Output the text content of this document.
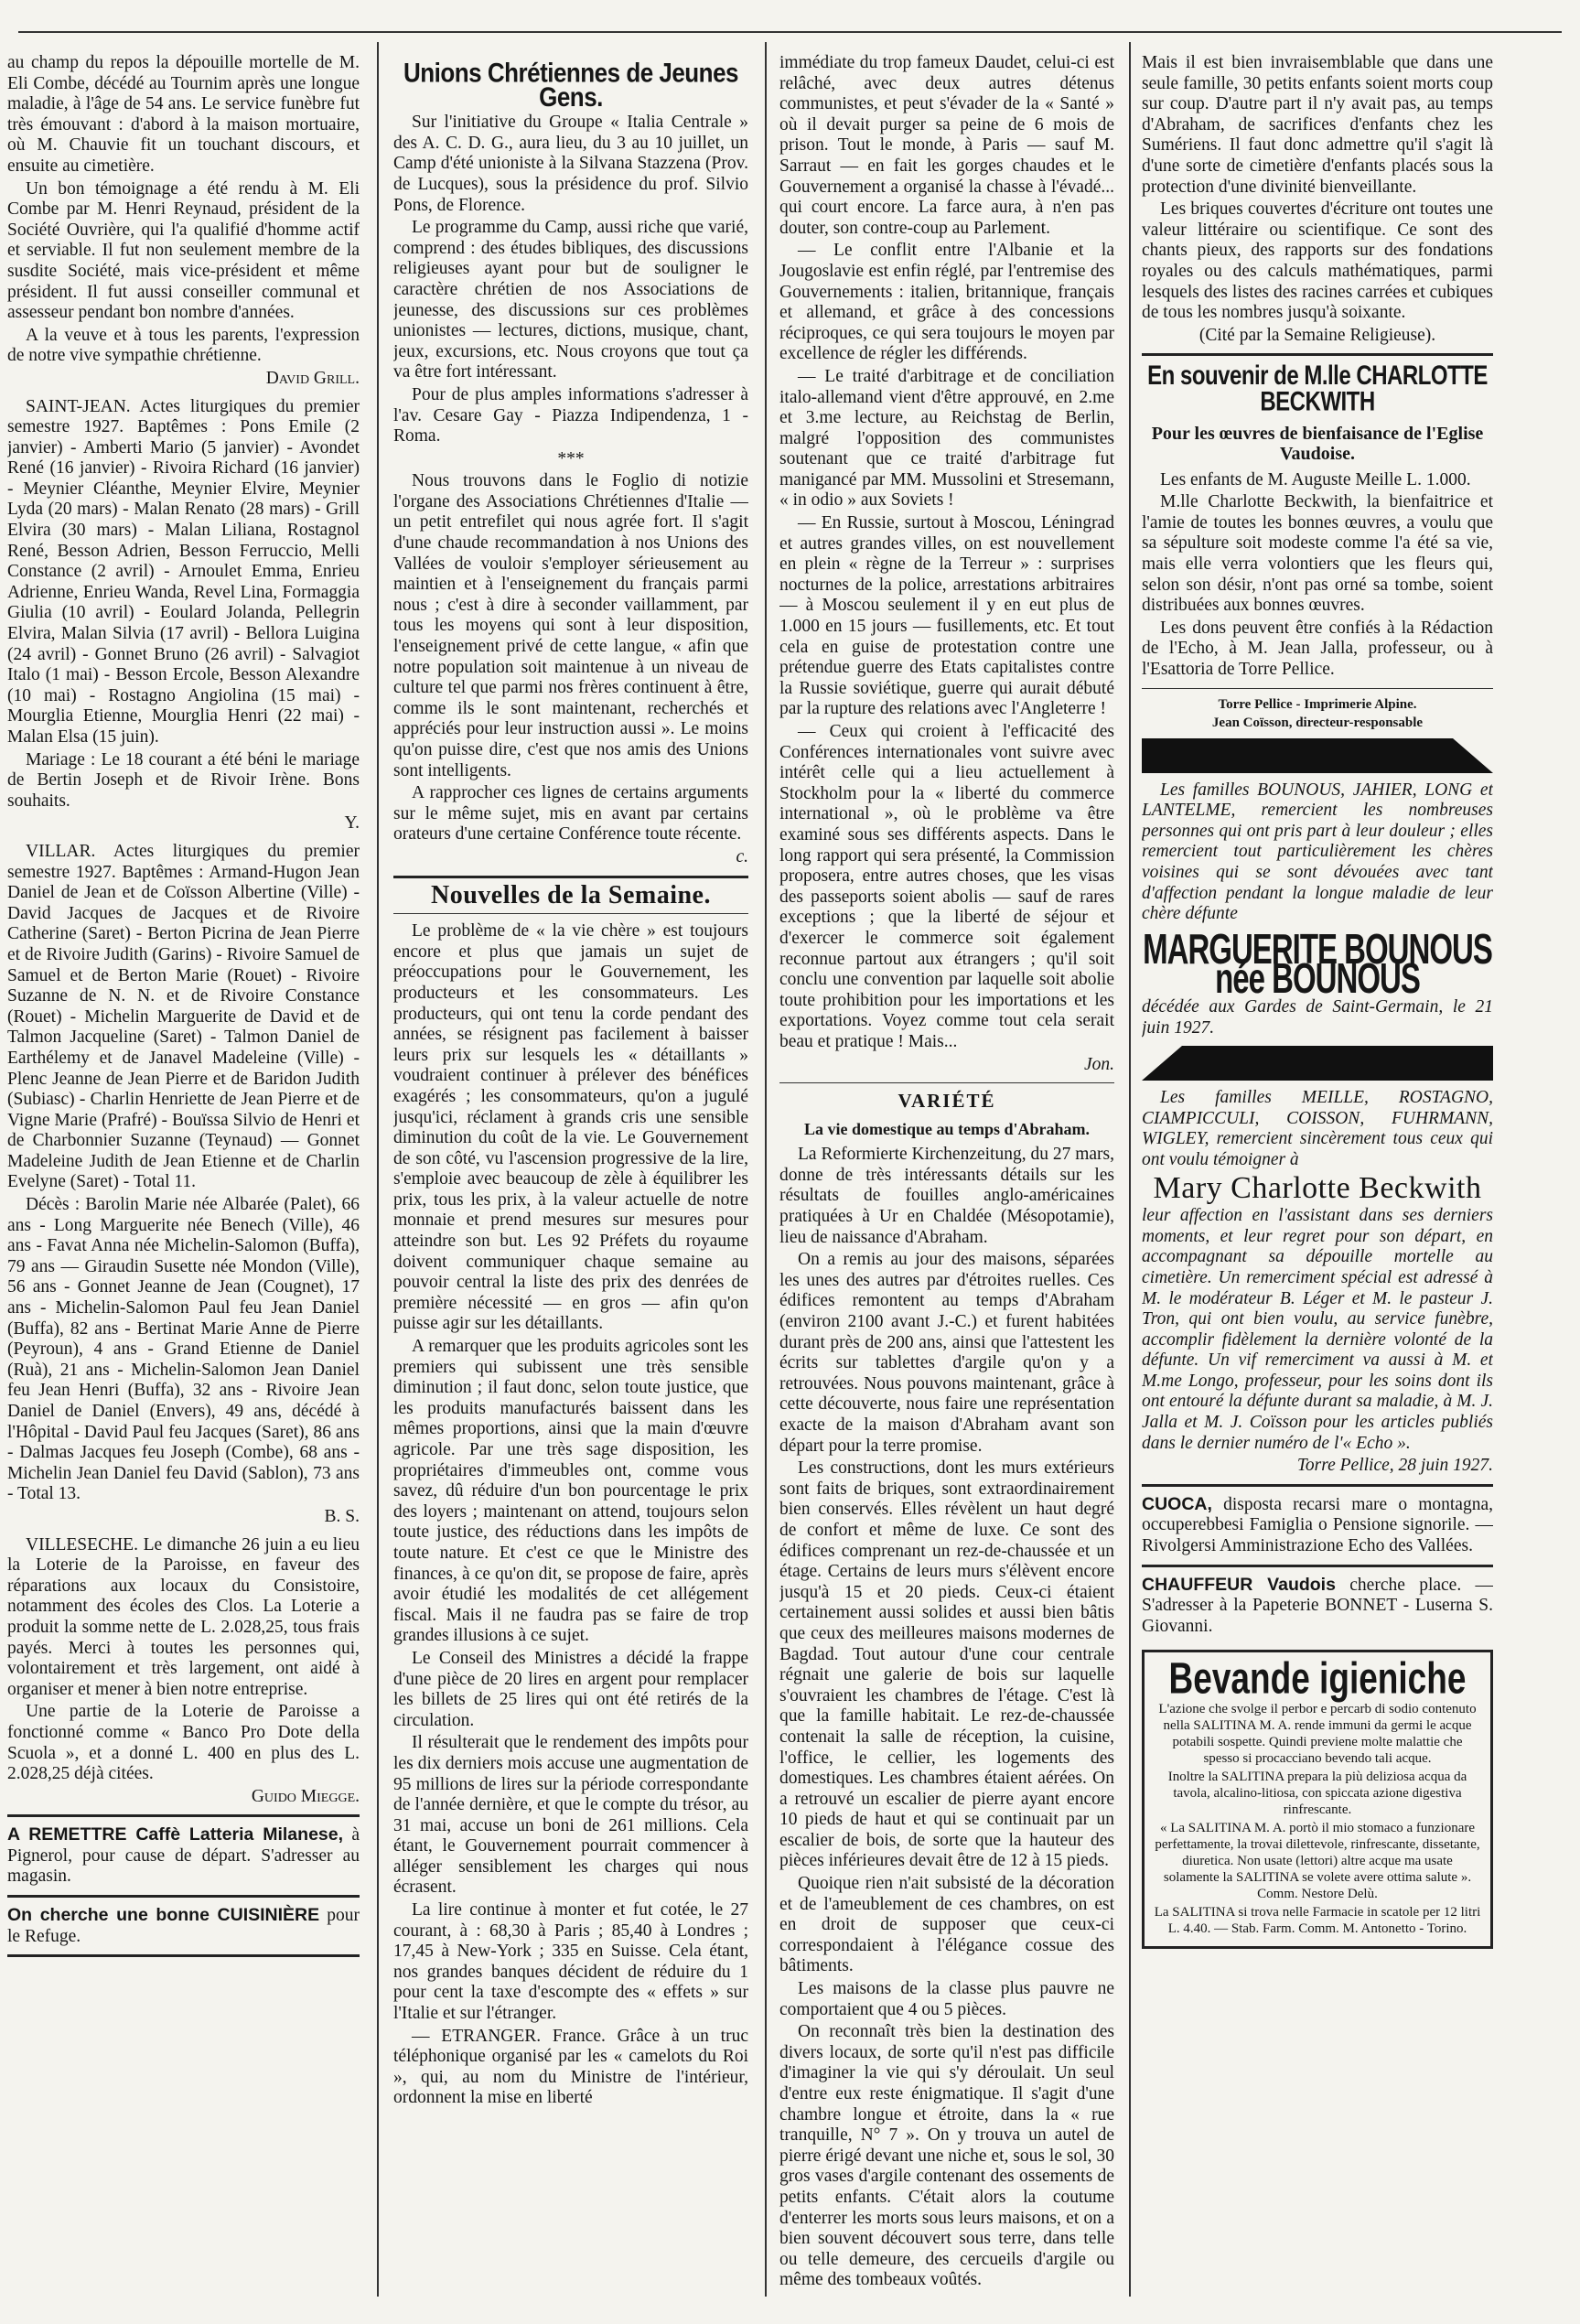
au champ du repos la dépouille mortelle de M. Eli Combe, décédé au Tournim après une longue maladie, à l'âge de 54 ans. Le service funèbre fut très émouvant : d'abord à la maison mortuaire, où M. Chauvie fit un touchant discours, et ensuite au cimetière.

Un bon témoignage a été rendu à M. Eli Combe par M. Henri Reynaud, président de la Société Ouvrière, qui l'a qualifié d'homme actif et serviable. Il fut non seulement membre de la susdite Société, mais vice-président et même président. Il fut aussi conseiller communal et assesseur pendant bon nombre d'années.

A la veuve et à tous les parents, l'expression de notre vive sympathie chrétienne.

David Grill.

SAINT-JEAN. Actes liturgiques du premier semestre 1927. Baptêmes : Pons Emile (2 janvier) - Amberti Mario (5 janvier) - Avondet René (16 janvier) - Rivoira Richard (16 janvier) - Meynier Cléanthe, Meynier Elvire, Meynier Lyda (20 mars) - Malan Renato (28 mars) - Grill Elvira (30 mars) - Malan Liliana, Rostagnol René, Besson Adrien, Besson Ferruccio, Melli Constance (2 avril) - Arnoulet Emma, Enrieu Adrienne, Enrieu Wanda, Revel Lina, Formaggia Giulia (10 avril) - Eoulard Jolanda, Pellegrin Elvira, Malan Silvia (17 avril) - Bellora Luigina (24 avril) - Gonnet Bruno (26 avril) - Salvagiot Italo (1 mai) - Besson Ercole, Besson Alexandre (10 mai) - Rostagno Angiolina (15 mai) - Mourglia Etienne, Mourglia Henri (22 mai) - Malan Elsa (15 juin).

Mariage : Le 18 courant a été béni le mariage de Bertin Joseph et de Rivoir Irène. Bons souhaits.

Y.

VILLAR. Actes liturgiques du premier semestre 1927. Baptêmes : Armand-Hugon Jean Daniel de Jean et de Coïsson Albertine (Ville) - David Jacques de Jacques et de Rivoire Catherine (Saret) - Berton Picrina de Jean Pierre et de Rivoire Judith (Garins) - Rivoire Samuel de Samuel et de Berton Marie (Rouet) - Rivoire Suzanne de N. N. et de Rivoire Constance (Rouet) - Michelin Marguerite de David et de Talmon Jacqueline (Saret) - Talmon Daniel de Earthélemy et de Janavel Madeleine (Ville) - Plenc Jeanne de Jean Pierre et de Baridon Judith (Subiasc) - Charlin Henriette de Jean Pierre et de Vigne Marie (Prafré) - Bouïssa Silvio de Henri et de Charbonnier Suzanne (Teynaud) — Gonnet Madeleine Judith de Jean Etienne et de Charlin Evelyne (Saret) - Total 11.

Décès : Barolin Marie née Albarée (Palet), 66 ans - Long Marguerite née Benech (Ville), 46 ans - Favat Anna née Michelin-Salomon (Buffa), 79 ans — Giraudin Susette née Mondon (Ville), 56 ans - Gonnet Jeanne de Jean (Cougnet), 17 ans - Michelin-Salomon Paul feu Jean Daniel (Buffa), 82 ans - Bertinat Marie Anne de Pierre (Peyroun), 4 ans - Grand Etienne de Daniel (Ruà), 21 ans - Michelin-Salomon Jean Daniel feu Jean Henri (Buffa), 32 ans - Rivoire Jean Daniel de Daniel (Envers), 49 ans, décédé à l'Hôpital - David Paul feu Jacques (Saret), 86 ans - Dalmas Jacques feu Joseph (Combe), 68 ans - Michelin Jean Daniel feu David (Sablon), 73 ans - Total 13.

B. S.

VILLESECHE. Le dimanche 26 juin a eu lieu la Loterie de la Paroisse, en faveur des réparations aux locaux du Consistoire, notamment des écoles des Clos. La Loterie a produit la somme nette de L. 2.028,25, tous frais payés. Merci à toutes les personnes qui, volontairement et très largement, ont aidé à organiser et mener à bien notre entreprise.

Une partie de la Loterie de Paroisse a fonctionné comme « Banco Pro Dote della Scuola », et a donné L. 400 en plus des L. 2.028,25 déjà citées.

Guido Miegge.

A REMETTRE Caffè Latteria Milanese, à Pignerol, pour cause de départ. S'adresser au magasin.

On cherche une bonne CUISINIÈRE pour le Refuge.

Unions Chrétiennes de Jeunes Gens.

Sur l'initiative du Groupe « Italia Centrale » des A. C. D. G., aura lieu, du 3 au 10 juillet, un Camp d'été unioniste à la Silvana Stazzena (Prov. de Lucques), sous la présidence du prof. Silvio Pons, de Florence.

Le programme du Camp, aussi riche que varié, comprend : des études bibliques, des discussions religieuses ayant pour but de souligner le caractère chrétien de nos Associations de jeunesse, des discussions sur ces problèmes unionistes — lectures, dictions, musique, chant, jeux, excursions, etc. Nous croyons que tout ça va être fort intéressant.

Pour de plus amples informations s'adresser à l'av. Cesare Gay - Piazza Indipendenza, 1 - Roma.

***

Nous trouvons dans le Foglio di notizie l'organe des Associations Chrétiennes d'Italie — un petit entrefilet qui nous agrée fort. Il s'agit d'une chaude recommandation à nos Unions des Vallées de vouloir s'employer sérieusement au maintien et à l'enseignement du français parmi nous ; c'est à dire à seconder vaillamment, par tous les moyens qui sont à leur disposition, l'enseignement privé de cette langue, « afin que notre population soit maintenue à un niveau de culture tel que parmi nos frères continuent à être, comme ils le sont maintenant, recherchés et appréciés pour leur instruction aussi ». Le moins qu'on puisse dire, c'est que nos amis des Unions sont intelligents.

A rapprocher ces lignes de certains arguments sur le même sujet, mis en avant par certains orateurs d'une certaine Conférence toute récente.

c.

Nouvelles de la Semaine.

Le problème de « la vie chère » est toujours encore et plus que jamais un sujet de préoccupations pour le Gouvernement, les producteurs et les consommateurs. Les producteurs, qui ont tenu la corde pendant des années, se résignent pas facilement à baisser leurs prix sur lesquels les « détaillants » voudraient continuer à prélever des bénéfices exagérés ; les consommateurs, qu'on a jugulé jusqu'ici, réclament à grands cris une sensible diminution du coût de la vie. Le Gouvernement de son côté, vu l'ascension progressive de la lire, s'emploie avec beaucoup de zèle à équilibrer les prix, tous les prix, à la valeur actuelle de notre monnaie et prend mesures sur mesures pour atteindre son but. Les 92 Préfets du royaume doivent communiquer chaque semaine au pouvoir central la liste des prix des denrées de première nécessité — en gros — afin qu'on puisse agir sur les détaillants.

A remarquer que les produits agricoles sont les premiers qui subissent une très sensible diminution ; il faut donc, selon toute justice, que les produits manufacturés baissent dans les mêmes proportions, ainsi que la main d'œuvre agricole. Par une très sage disposition, les propriétaires d'immeubles ont, comme vous savez, dû réduire d'un bon pourcentage le prix des loyers ; maintenant on attend, toujours selon toute justice, des réductions dans les impôts de toute nature. Et c'est ce que le Ministre des finances, à ce qu'on dit, se propose de faire, après avoir étudié les modalités de cet allégement fiscal. Mais il ne faudra pas se faire de trop grandes illusions à ce sujet.

Le Conseil des Ministres a décidé la frappe d'une pièce de 20 lires en argent pour remplacer les billets de 25 lires qui ont été retirés de la circulation.

Il résulterait que le rendement des impôts pour les dix derniers mois accuse une augmentation de 95 millions de lires sur la période correspondante de l'année dernière, et que le compte du trésor, au 31 mai, accuse un boni de 261 millions. Cela étant, le Gouvernement pourrait commencer à alléger sensiblement les charges qui nous écrasent.

La lire continue à monter et fut cotée, le 27 courant, à : 68,30 à Paris ; 85,40 à Londres ; 17,45 à New-York ; 335 en Suisse. Cela étant, nos grandes banques décident de réduire du 1 pour cent la taxe d'escompte des « effets » sur l'Italie et sur l'étranger.

— ETRANGER. France. Grâce à un truc téléphonique organisé par les « camelots du Roi », qui, au nom du Ministre de l'intérieur, ordonnent la mise en liberté

immédiate du trop fameux Daudet, celui-ci est relâché, avec deux autres détenus communistes, et peut s'évader de la « Santé » où il devait purger sa peine de 6 mois de prison. Tout le monde, à Paris — sauf M. Sarraut — en fait les gorges chaudes et le Gouvernement a organisé la chasse à l'évadé... qui court encore. La farce aura, à n'en pas douter, son contre-coup au Parlement.

— Le conflit entre l'Albanie et la Jougoslavie est enfin réglé, par l'entremise des Gouvernements : italien, britannique, français et allemand, et grâce à des concessions réciproques, ce qui sera toujours le moyen par excellence de régler les différends.

— Le traité d'arbitrage et de conciliation italo-allemand vient d'être approuvé, en 2.me et 3.me lecture, au Reichstag de Berlin, malgré l'opposition des communistes soutenant que ce traité d'arbitrage fut manigancé par MM. Mussolini et Stresemann, « in odio » aux Soviets !

— En Russie, surtout à Moscou, Léningrad et autres grandes villes, on est nouvellement en plein « règne de la Terreur » : surprises nocturnes de la police, arrestations arbitraires — à Moscou seulement il y en eut plus de 1.000 en 15 jours — fusillements, etc. Et tout cela en guise de protestation contre une prétendue guerre des Etats capitalistes contre la Russie soviétique, guerre qui aurait débuté par la rupture des relations avec l'Angleterre !

— Ceux qui croient à l'efficacité des Conférences internationales vont suivre avec intérêt celle qui a lieu actuellement à Stockholm pour la « liberté du commerce international », où le problème va être examiné sous ses différents aspects. Dans le long rapport qui sera présenté, la Commission proposera, entre autres choses, que les visas des passeports soient abolis — sauf de rares exceptions ; que la liberté de séjour et d'exercer le commerce soit également reconnue partout aux étrangers ; qu'il soit conclu une convention par laquelle soit abolie toute prohibition pour les importations et les exportations. Voyez comme tout cela serait beau et pratique ! Mais...

Jon.

VARIÉTÉ
La vie domestique au temps d'Abraham.

La Reformierte Kirchenzeitung, du 27 mars, donne de très intéressants détails sur les résultats de fouilles anglo-américaines pratiquées à Ur en Chaldée (Mésopotamie), lieu de naissance d'Abraham.

On a remis au jour des maisons, séparées les unes des autres par d'étroites ruelles. Ces édifices remontent au temps d'Abraham (environ 2100 avant J.-C.) et furent habitées durant près de 200 ans, ainsi que l'attestent les écrits sur tablettes d'argile qu'on y a retrouvées. Nous pouvons maintenant, grâce à cette découverte, nous faire une représentation exacte de la maison d'Abraham avant son départ pour la terre promise.

Les constructions, dont les murs extérieurs sont faits de briques, sont extraordinairement bien conservés. Elles révèlent un haut degré de confort et même de luxe. Ce sont des édifices comprenant un rez-de-chaussée et un étage. Certains de leurs murs s'élèvent encore jusqu'à 15 et 20 pieds. Ceux-ci étaient certainement aussi solides et aussi bien bâtis que ceux des meilleures maisons modernes de Bagdad. Tout autour d'une cour centrale régnait une galerie de bois sur laquelle s'ouvraient les chambres de l'étage. C'est là que la famille habitait. Le rez-de-chaussée contenait la salle de réception, la cuisine, l'office, le cellier, les logements des domestiques. Les chambres étaient aérées. On a retrouvé un escalier de pierre ayant encore 10 pieds de haut et qui se continuait par un escalier de bois, de sorte que la hauteur des pièces inférieures devait être de 12 à 15 pieds.

Quoique rien n'ait subsisté de la décoration et de l'ameublement de ces chambres, on est en droit de supposer que ceux-ci correspondaient à l'élégance cossue des bâtiments.

Les maisons de la classe plus pauvre ne comportaient que 4 ou 5 pièces.

On reconnaît très bien la destination des divers locaux, de sorte qu'il n'est pas difficile d'imaginer la vie qui s'y déroulait. Un seul d'entre eux reste énigmatique. Il s'agit d'une chambre longue et étroite, dans la « rue tranquille, N° 7 ». On y trouva un autel de pierre érigé devant une niche et, sous le sol, 30 gros vases d'argile contenant des ossements de petits enfants. C'était alors la coutume d'enterrer les morts sous leurs maisons, et on a bien souvent découvert sous terre, dans telle ou telle demeure, des cercueils d'argile ou même des tombeaux voûtés.

Mais il est bien invraisemblable que dans une seule famille, 30 petits enfants soient morts coup sur coup. D'autre part il n'y avait pas, au temps d'Abraham, de sacrifices d'enfants chez les Sumériens. Il faut donc admettre qu'il s'agit là d'une sorte de cimetière d'enfants placés sous la protection d'une divinité bienveillante.

Les briques couvertes d'écriture ont toutes une valeur littéraire ou scientifique. Ce sont des chants pieux, des rapports sur des fondations royales ou des calculs mathématiques, parmi lesquels des listes des racines carrées et cubiques de tous les nombres jusqu'à soixante.

(Cité par la Semaine Religieuse).

En souvenir de M.lle CHARLOTTE BECKWITH
Pour les œuvres de bienfaisance de l'Eglise Vaudoise.

Les enfants de M. Auguste Meille L. 1.000.

M.lle Charlotte Beckwith, la bienfaitrice et l'amie de toutes les bonnes œuvres, a voulu que sa sépulture soit modeste comme l'a été sa vie, mais elle verra volontiers que les fleurs qui, selon son désir, n'ont pas orné sa tombe, soient distribuées aux bonnes œuvres.

Les dons peuvent être confiés à la Rédaction de l'Echo, à M. Jean Jalla, professeur, ou à l'Esattoria de Torre Pellice.

Torre Pellice - Imprimerie Alpine.

Jean Coïsson, directeur-responsable

Les familles BOUNOUS, JAHIER, LONG et LANTELME, remercient les nombreuses personnes qui ont pris part à leur douleur ; elles remercient tout particulièrement les chères voisines qui se sont dévouées avec tant d'affection pendant la longue maladie de leur chère défunte

MARGUERITE BOUNOUS née BOUNOUS

décédée aux Gardes de Saint-Germain, le 21 juin 1927.

Les familles MEILLE, ROSTAGNO, CIAMPICCULI, COISSON, FUHRMANN, WIGLEY, remercient sincèrement tous ceux qui ont voulu témoigner à

Mary Charlotte Beckwith

leur affection en l'assistant dans ses derniers moments, et leur regret pour son départ, en accompagnant sa dépouille mortelle au cimetière. Un remerciment spécial est adressé à M. le modérateur B. Léger et M. le pasteur J. Tron, qui ont bien voulu, au service funèbre, accomplir fidèlement la dernière volonté de la défunte. Un vif remerciment va aussi à M. et M.me Longo, professeur, pour les soins dont ils ont entouré la défunte durant sa maladie, à M. J. Jalla et M. J. Coïsson pour les articles publiés dans le dernier numéro de l'« Echo ».

Torre Pellice, 28 juin 1927.

CUOCA, disposta recarsi mare o montagna, occuperebbesi Famiglia o Pensione signorile. — Rivolgersi Amministrazione Echo des Vallées.

CHAUFFEUR Vaudois cherche place. — S'adresser à la Papeterie BONNET - Luserna S. Giovanni.

Bevande igieniche

L'azione che svolge il perbor e percarb di sodio contenuto nella SALITINA M. A. rende immuni da germi le acque potabili sospette. Quindi previene molte malattie che spesso si procacciano bevendo tali acque.

Inoltre la SALITINA prepara la più deliziosa acqua da tavola, alcalino-litiosa, con spiccata azione digestiva rinfrescante.

« La SALITINA M. A. portò il mio stomaco a funzionare perfettamente, la trovai dilettevole, rinfrescante, dissetante, diuretica. Non usate (lettori) altre acque ma usate solamente la SALITINA se volete avere ottima salute ». Comm. Nestore Delù.

La SALITINA si trova nelle Farmacie in scatole per 12 litri L. 4.40. — Stab. Farm. Comm. M. Antonetto - Torino.
